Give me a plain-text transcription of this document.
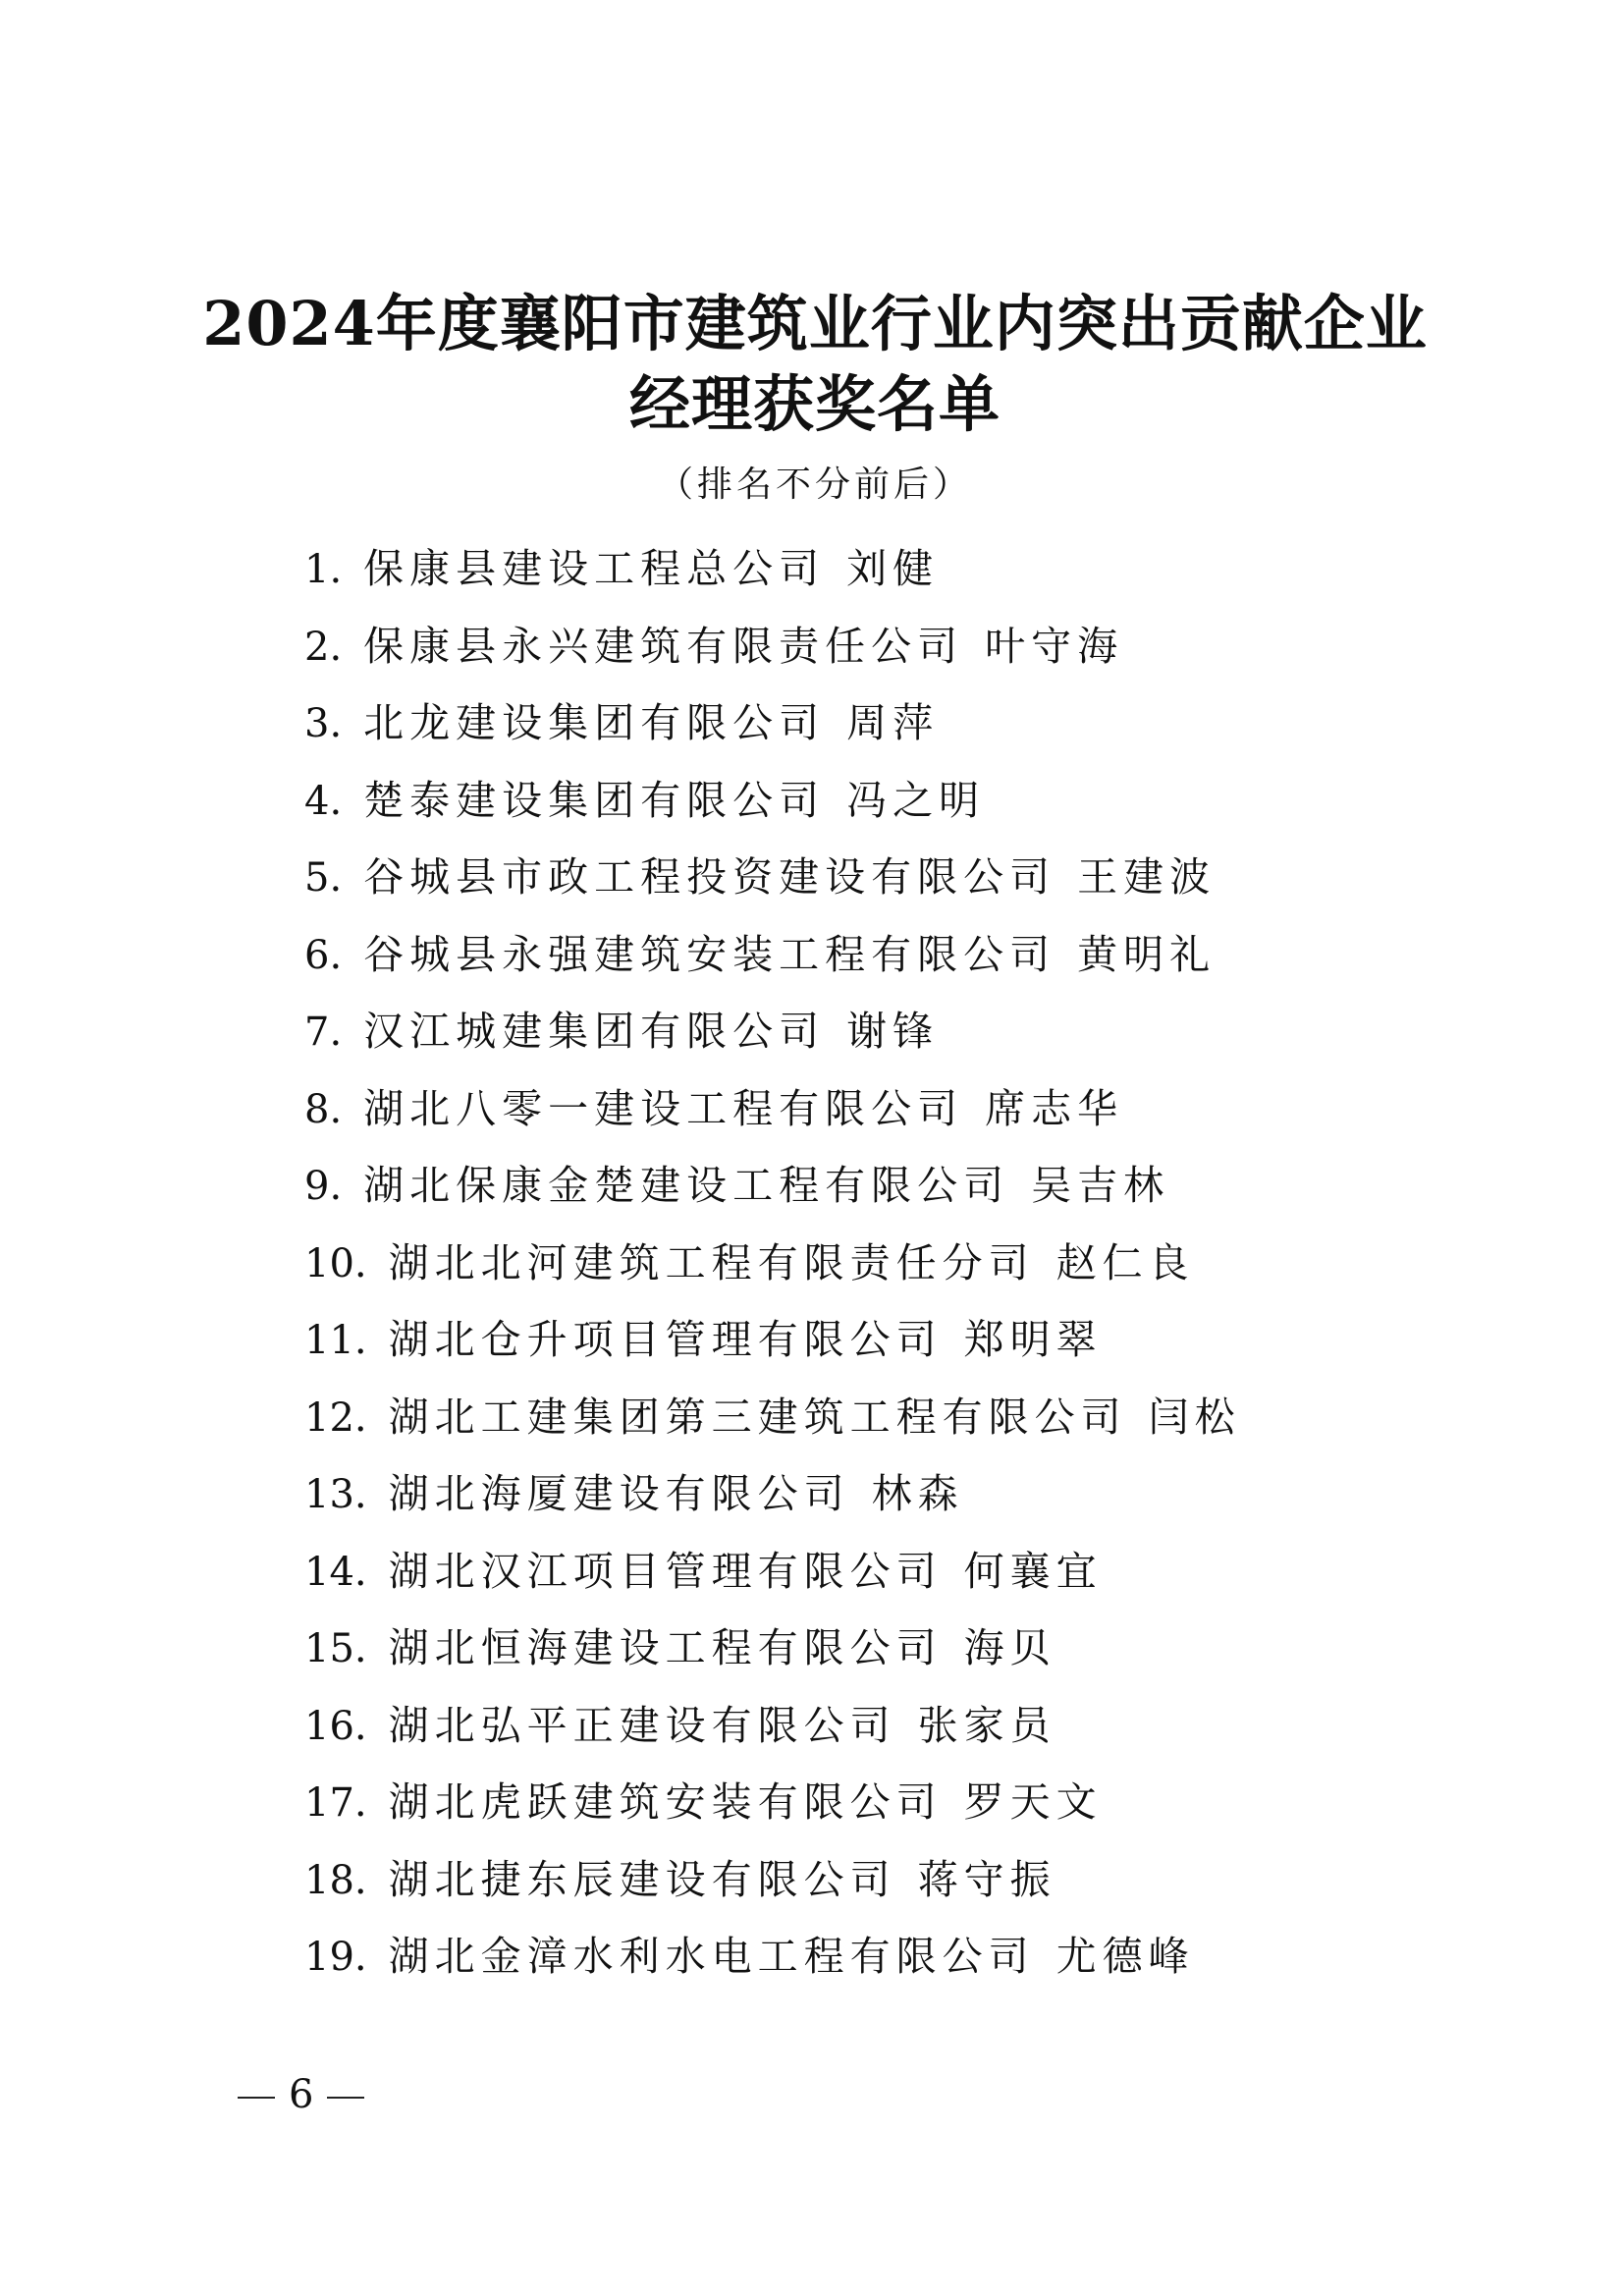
2024年度襄阳市建筑业行业内突出贡献企业
经理获奖名单
（排名不分前后）
1. 保康县建设工程总公司 刘健
2. 保康县永兴建筑有限责任公司 叶守海
3. 北龙建设集团有限公司 周萍
4. 楚泰建设集团有限公司 冯之明
5. 谷城县市政工程投资建设有限公司 王建波
6. 谷城县永强建筑安装工程有限公司 黄明礼
7. 汉江城建集团有限公司 谢锋
8. 湖北八零一建设工程有限公司 席志华
9. 湖北保康金楚建设工程有限公司 吴吉林
10. 湖北北河建筑工程有限责任分司 赵仁良
11. 湖北仓升项目管理有限公司 郑明翠
12. 湖北工建集团第三建筑工程有限公司 闫松
13. 湖北海厦建设有限公司 林森
14. 湖北汉江项目管理有限公司 何襄宜
15. 湖北恒海建设工程有限公司 海贝
16. 湖北弘平正建设有限公司 张家员
17. 湖北虎跃建筑安装有限公司 罗天文
18. 湖北捷东辰建设有限公司 蒋守振
19. 湖北金漳水利水电工程有限公司 尤德峰
6
